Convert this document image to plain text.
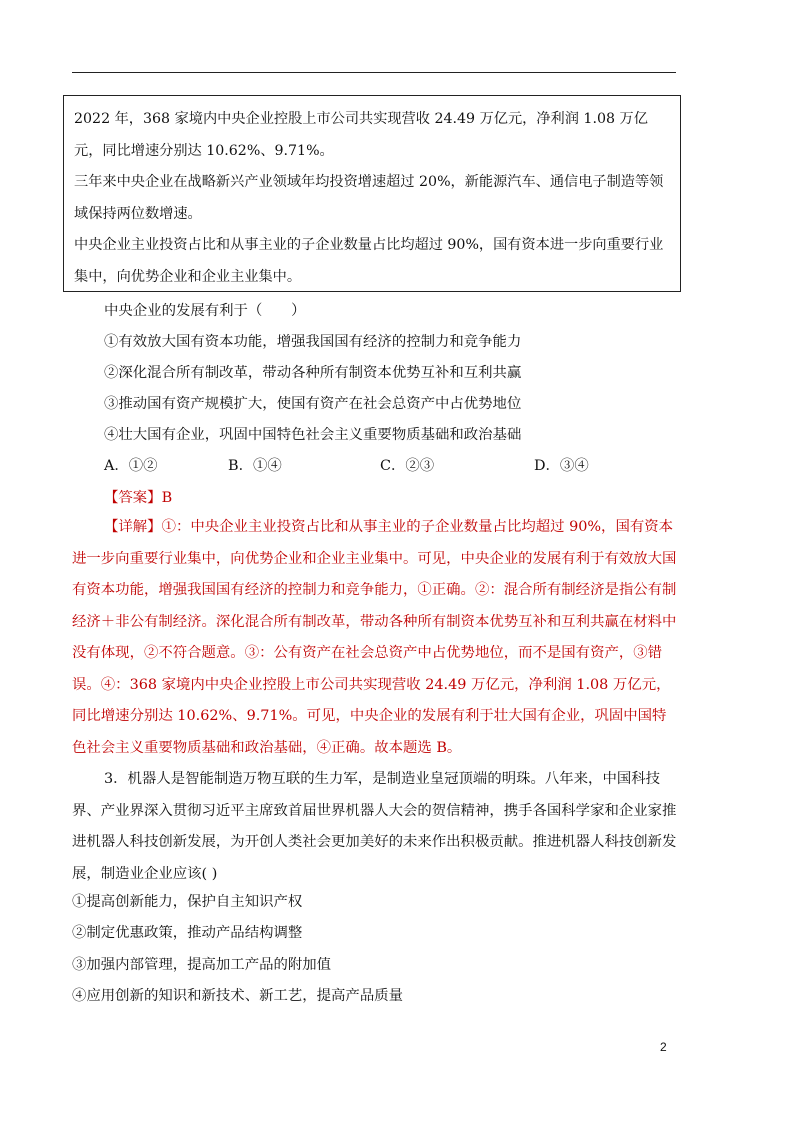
2022 年，368 家境内中央企业控股上市公司共实现营收 24.49 万亿元，净利润 1.08 万亿元，同比增速分别达 10.62%、9.71%。

三年来中央企业在战略新兴产业领域年均投资增速超过 20%，新能源汽车、通信电子制造等领域保持两位数增速。

中央企业主业投资占比和从事主业的子企业数量占比均超过 90%，国有资本进一步向重要行业集中，向优势企业和企业主业集中。

中央企业的发展有利于（　　）

①有效放大国有资本功能，增强我国国有经济的控制力和竞争能力

②深化混合所有制改革，带动各种所有制资本优势互补和互利共赢

③推动国有资产规模扩大，使国有资产在社会总资产中占优势地位

④壮大国有企业，巩固中国特色社会主义重要物质基础和政治基础

A．①②	B．①④	C．②③	D．③④

【答案】B

【详解】①：中央企业主业投资占比和从事主业的子企业数量占比均超过 90%，国有资本进一步向重要行业集中，向优势企业和企业主业集中。可见，中央企业的发展有利于有效放大国有资本功能，增强我国国有经济的控制力和竞争能力，①正确。②：混合所有制经济是指公有制经济＋非公有制经济。深化混合所有制改革，带动各种所有制资本优势互补和互利共赢在材料中没有体现，②不符合题意。③：公有资产在社会总资产中占优势地位，而不是国有资产，③错误。④：368 家境内中央企业控股上市公司共实现营收 24.49 万亿元，净利润 1.08 万亿元，同比增速分别达 10.62%、9.71%。可见，中央企业的发展有利于壮大国有企业，巩固中国特色社会主义重要物质基础和政治基础，④正确。故本题选 B。

3．机器人是智能制造万物互联的生力军，是制造业皇冠顶端的明珠。八年来，中国科技界、产业界深入贯彻习近平主席致首届世界机器人大会的贺信精神，携手各国科学家和企业家推进机器人科技创新发展，为开创人类社会更加美好的未来作出积极贡献。推进机器人科技创新发展，制造业企业应该( )

①提高创新能力，保护自主知识产权

②制定优惠政策，推动产品结构调整

③加强内部管理，提高加工产品的附加值

④应用创新的知识和新技术、新工艺，提高产品质量

2
